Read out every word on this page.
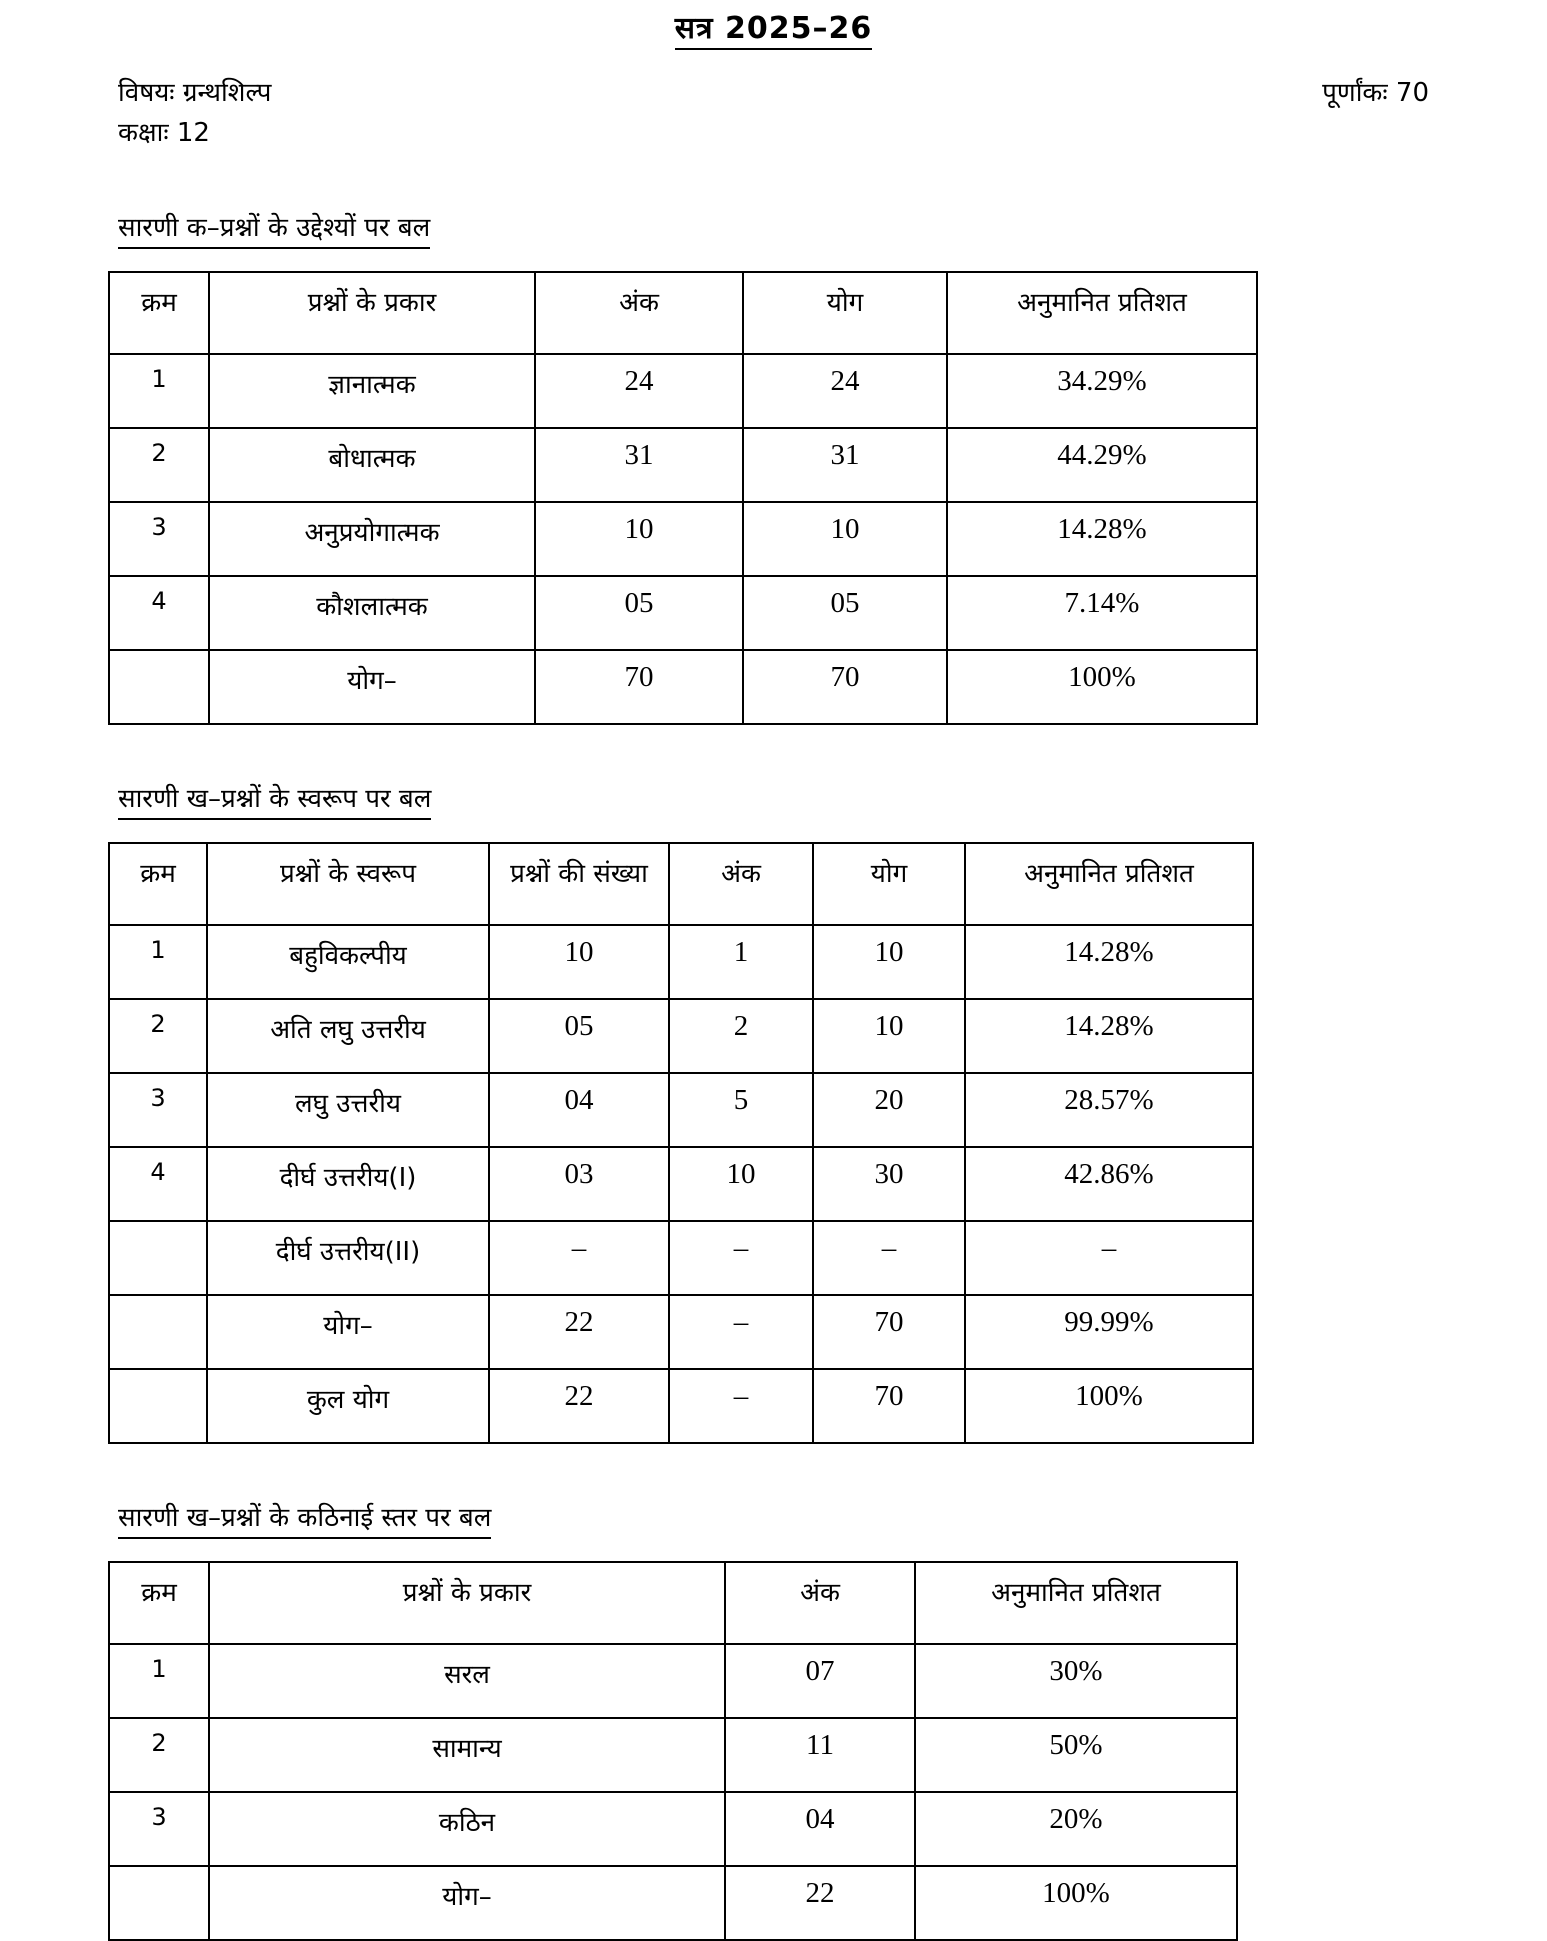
सत्र 2025–26
विषयः ग्रन्थशिल्प	पूर्णांकः 70
कक्षाः 12
सारणी क–प्रश्नों के उद्देश्यों पर बल
क्रम	प्रश्नों के प्रकार	अंक	योग	अनुमानित प्रतिशत
1	ज्ञानात्मक	24	24	34.29%
2	बोधात्मक	31	31	44.29%
3	अनुप्रयोगात्मक	10	10	14.28%
4	कौशलात्मक	05	05	7.14%
	योग–	70	70	100%
सारणी ख–प्रश्नों के स्वरूप पर बल
क्रम	प्रश्नों के स्वरूप	प्रश्नों की संख्या	अंक	योग	अनुमानित प्रतिशत
1	बहुविकल्पीय	10	1	10	14.28%
2	अति लघु उत्तरीय	05	2	10	14.28%
3	लघु उत्तरीय	04	5	20	28.57%
4	दीर्घ उत्तरीय(I)	03	10	30	42.86%
	दीर्घ उत्तरीय(II)	–	–	–	–
	योग–	22	–	70	99.99%
	कुल योग	22	–	70	100%
सारणी ख–प्रश्नों के कठिनाई स्तर पर बल
क्रम	प्रश्नों के प्रकार	अंक	अनुमानित प्रतिशत
1	सरल	07	30%
2	सामान्य	11	50%
3	कठिन	04	20%
	योग–	22	100%
